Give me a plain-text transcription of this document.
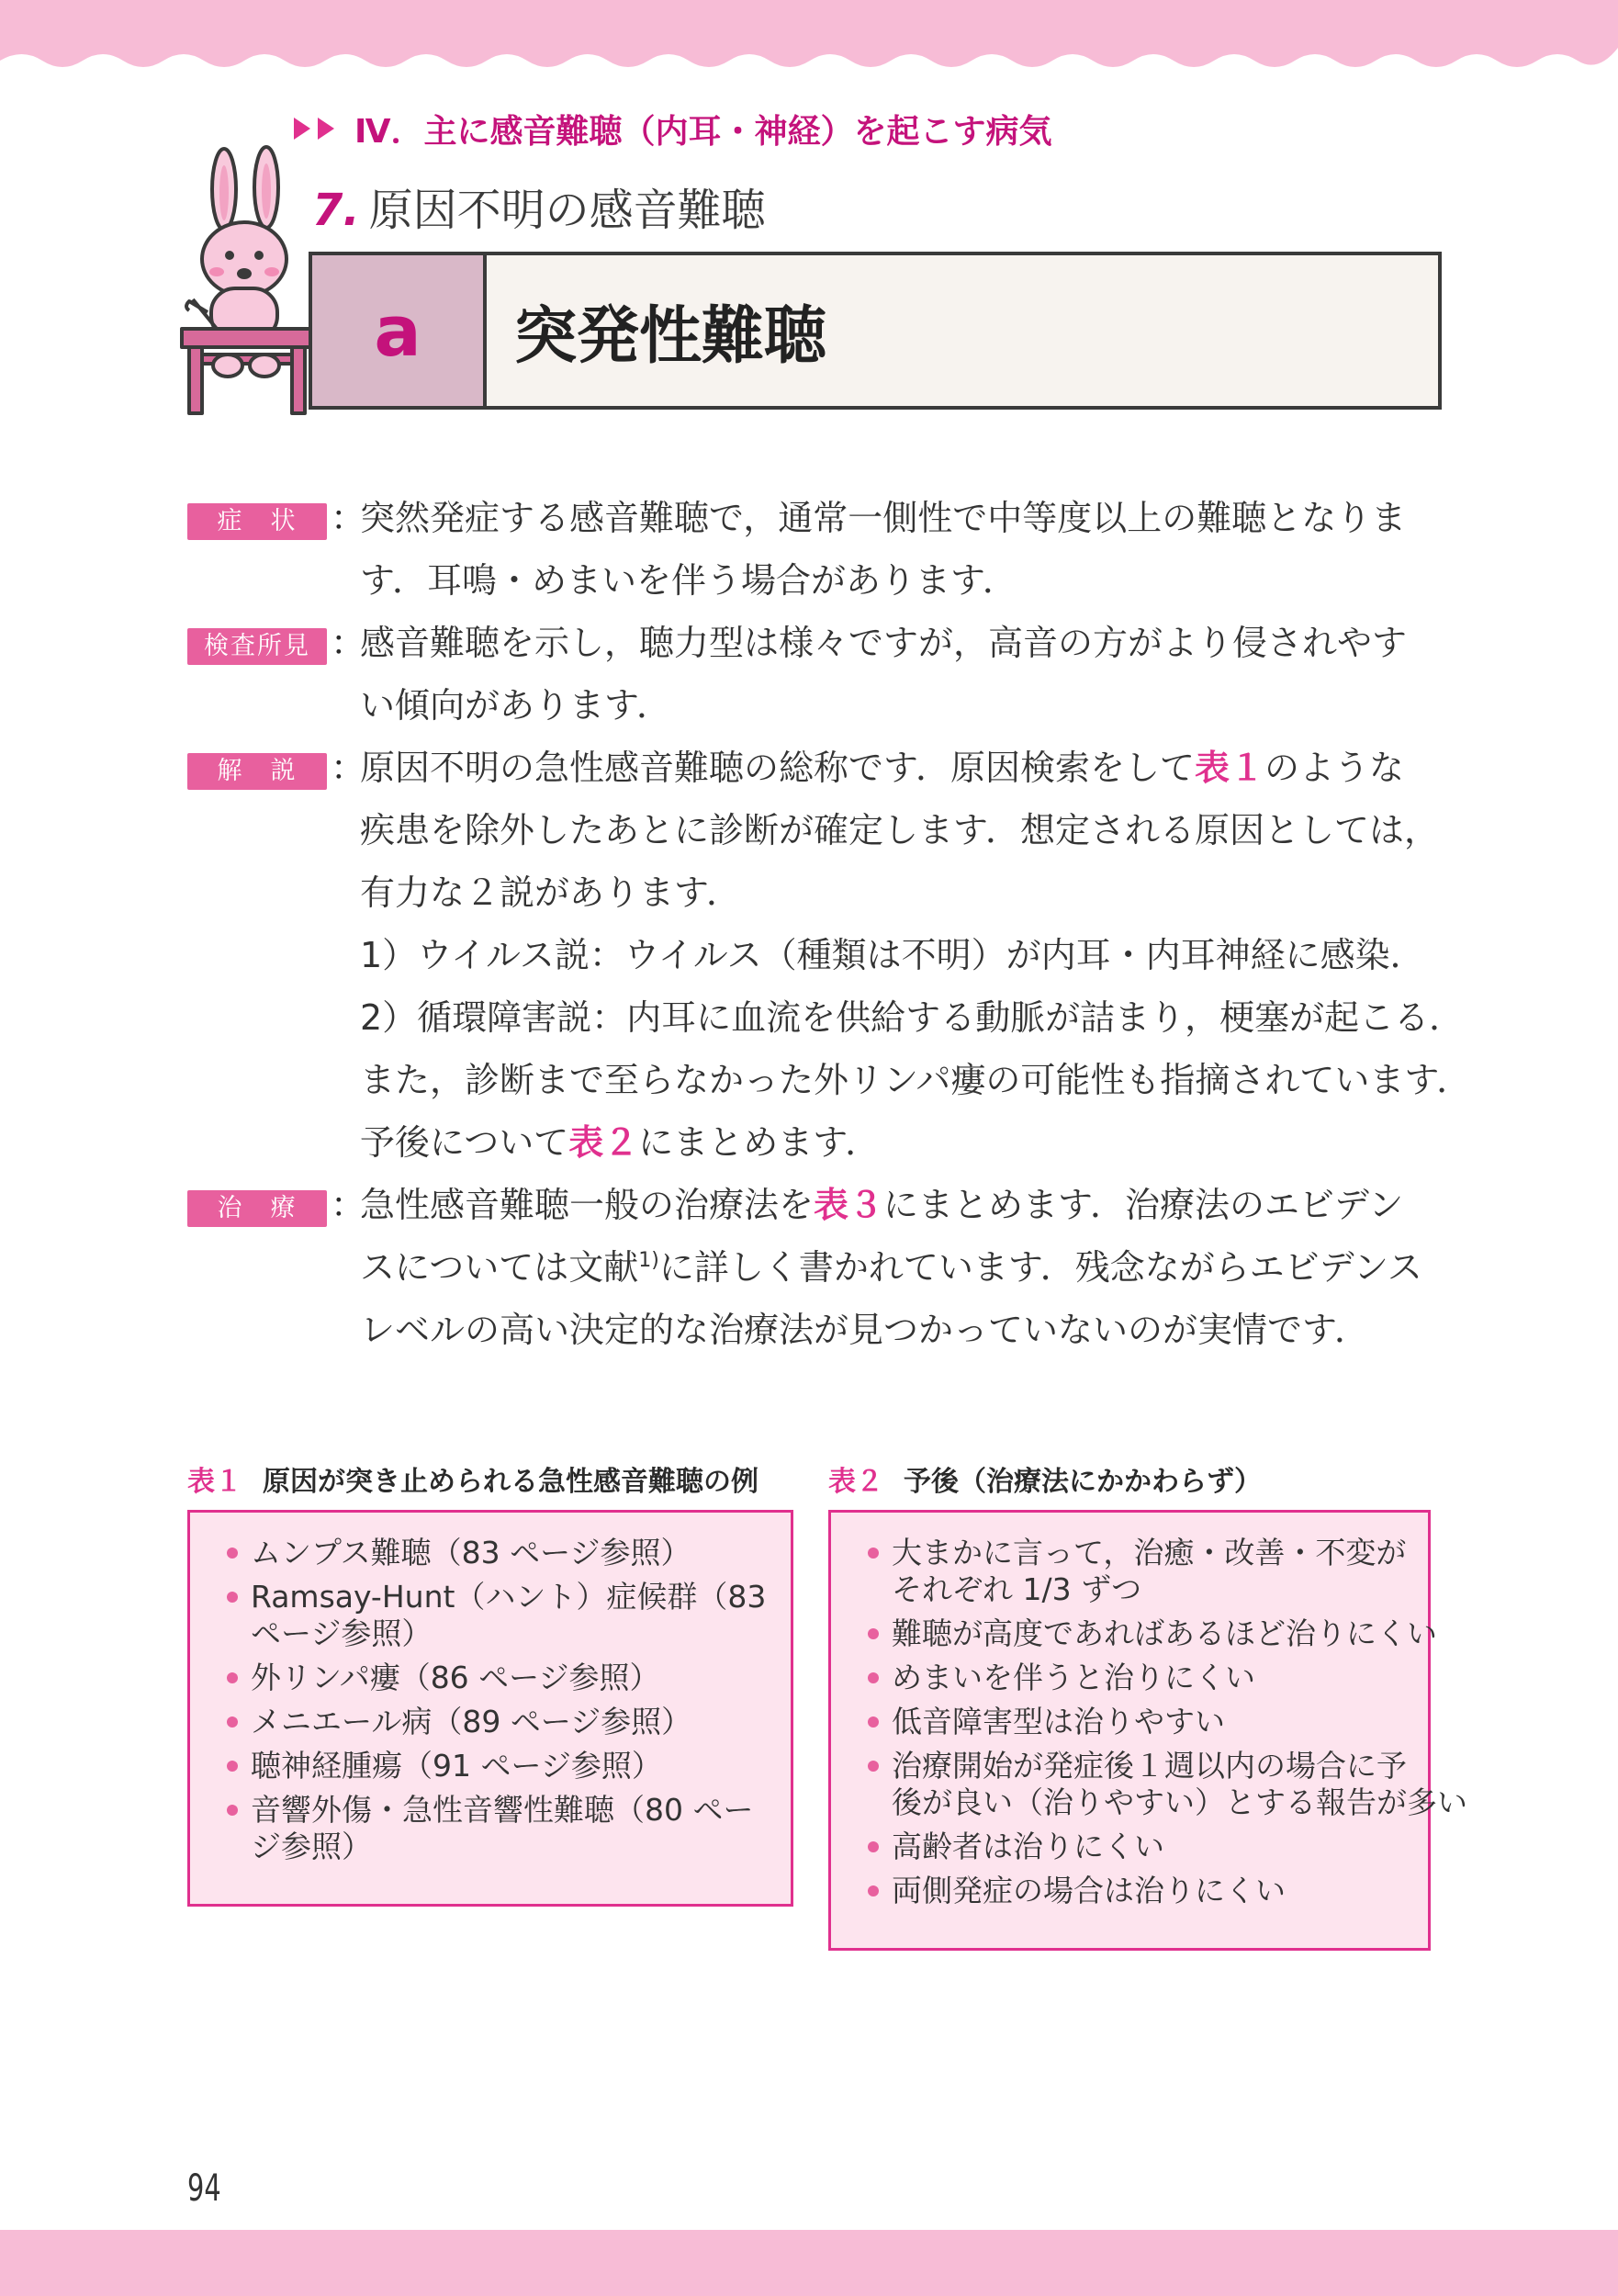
Ⅳ．主に感音難聴（内耳・神経）を起こす病気
7. 原因不明の感音難聴
a	突発性難聴
症　状 ：

突然発症する感音難聴で，通常一側性で中等度以上の難聴となりま

す．耳鳴・めまいを伴う場合があります．

検査所見 ：

感音難聴を示し，聴力型は様々ですが，高音の方がより侵されやす

い傾向があります．

解　説 ：

原因不明の急性感音難聴の総称です．原因検索をして表１のような

疾患を除外したあとに診断が確定します．想定される原因としては，

有力な２説があります．

1）ウイルス説：ウイルス（種類は不明）が内耳・内耳神経に感染．

2）循環障害説：内耳に血流を供給する動脈が詰まり，梗塞が起こる．

また，診断まで至らなかった外リンパ瘻の可能性も指摘されています．

予後について表２にまとめます．

治　療 ：

急性感音難聴一般の治療法を表３にまとめます．治療法のエビデン

スについては文献$^{1)}$に詳しく書かれています．残念ながらエビデンス

レベルの高い決定的な治療法が見つかっていないのが実情です．

表１ 原因が突き止められる急性感音難聴の例
ムンプス難聴（83 ページ参照）
Ramsay-Hunt（ハント）症候群（83
ページ参照）
外リンパ瘻（86 ページ参照）
メニエール病（89 ページ参照）
聴神経腫瘍（91 ページ参照）
音響外傷・急性音響性難聴（80 ペー
ジ参照）
表２ 予後（治療法にかかわらず）
大まかに言って，治癒・改善・不変が
それぞれ 1/3 ずつ
難聴が高度であればあるほど治りにくい
めまいを伴うと治りにくい
低音障害型は治りやすい
治療開始が発症後１週以内の場合に予
後が良い（治りやすい）とする報告が多い
高齢者は治りにくい
両側発症の場合は治りにくい
94
